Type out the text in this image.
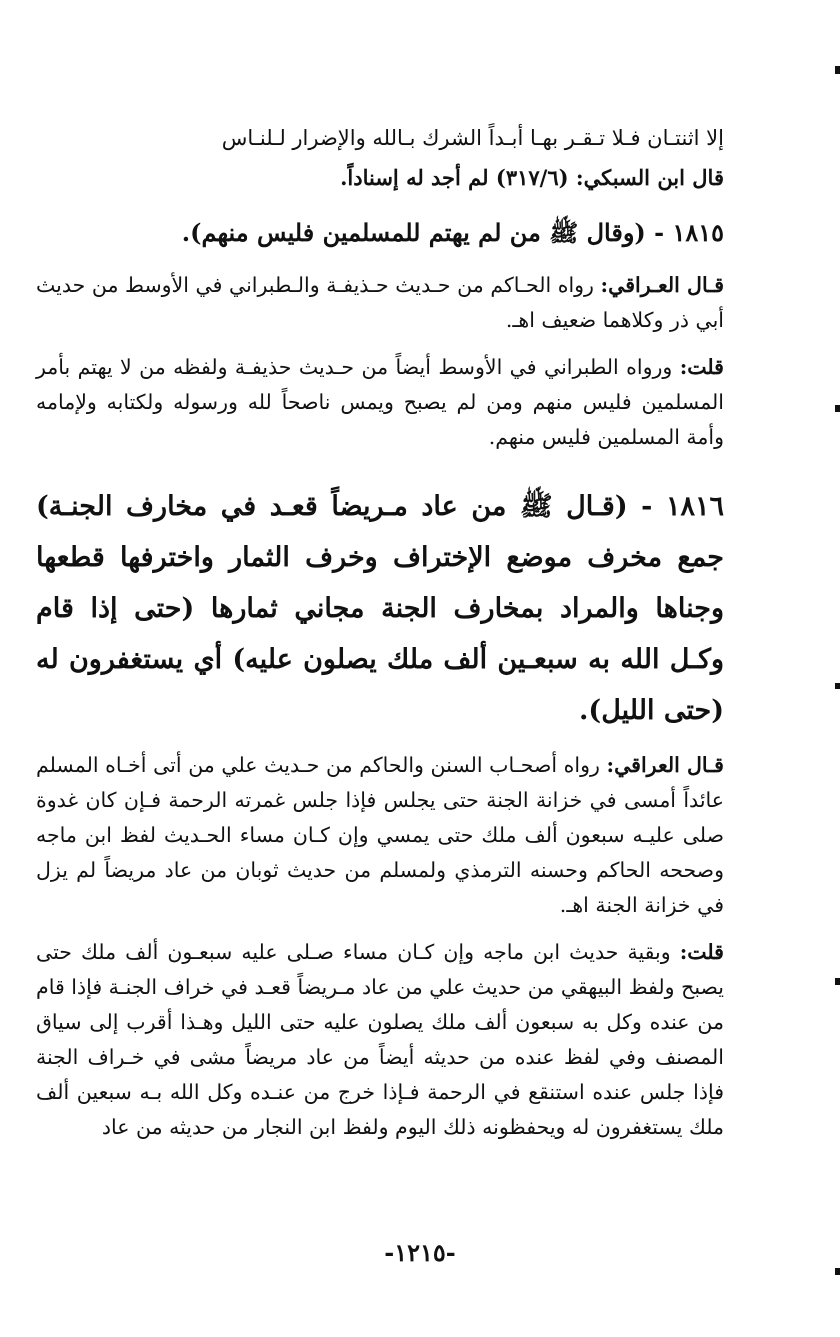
إلا اثنتـان فـلا تـقـر بهـا أبـداً الشرك بـالله والإضرار لـلنـاس

قال ابن السبكي: (٣١٧/٦) لم أجد له إسناداً.

١٨١٥ - (وقال ﷺ من لم يهتم للمسلمين فليس منهم).

قـال العـراقي: رواه الحـاكم من حـديث حـذيفـة والـطبراني في الأوسط من حديث أبي ذر وكلاهما ضعيف اهـ.

قلت: ورواه الطبراني في الأوسط أيضاً من حـديث حذيفـة ولفظه من لا يهتم بأمر المسلمين فليس منهم ومن لم يصبح ويمس ناصحاً لله ورسوله ولكتابه ولإمامه وأمة المسلمين فليس منهم.

١٨١٦ - (قـال ﷺ من عاد مـريضاً قعـد في مخارف الجنـة) جمع مخرف موضع الإختراف وخرف الثمار واخترفها قطعها وجناها والمراد بمخارف الجنة مجاني ثمارها (حتى إذا قام وكـل الله به سبعـين ألف ملك يصلون عليه) أي يستغفرون له (حتى الليل).

قـال العراقي: رواه أصحـاب السنن والحاكم من حـديث علي من أتى أخـاه المسلم عائداً أمسى في خزانة الجنة حتى يجلس فإذا جلس غمرته الرحمة فـإن كان غدوة صلى عليـه سبعون ألف ملك حتى يمسي وإن كـان مساء الحـديث لفظ ابن ماجه وصححه الحاكم وحسنه الترمذي ولمسلم من حديث ثوبان من عاد مريضاً لم يزل في خزانة الجنة اهـ.

قلت: وبقية حديث ابن ماجه وإن كـان مساء صـلى عليه سبعـون ألف ملك حتى يصبح ولفظ البيهقي من حديث علي من عاد مـريضاً قعـد في خراف الجنـة فإذا قام من عنده وكل به سبعون ألف ملك يصلون عليه حتى الليل وهـذا أقرب إلى سياق المصنف وفي لفظ عنده من حديثه أيضاً من عاد مريضاً مشى في خـراف الجنة فإذا جلس عنده استنقع في الرحمة فـإذا خرج من عنـده وكل الله بـه سبعين ألف ملك يستغفرون له ويحفظونه ذلك اليوم ولفظ ابن النجار من حديثه من عاد

-١٢١٥-
